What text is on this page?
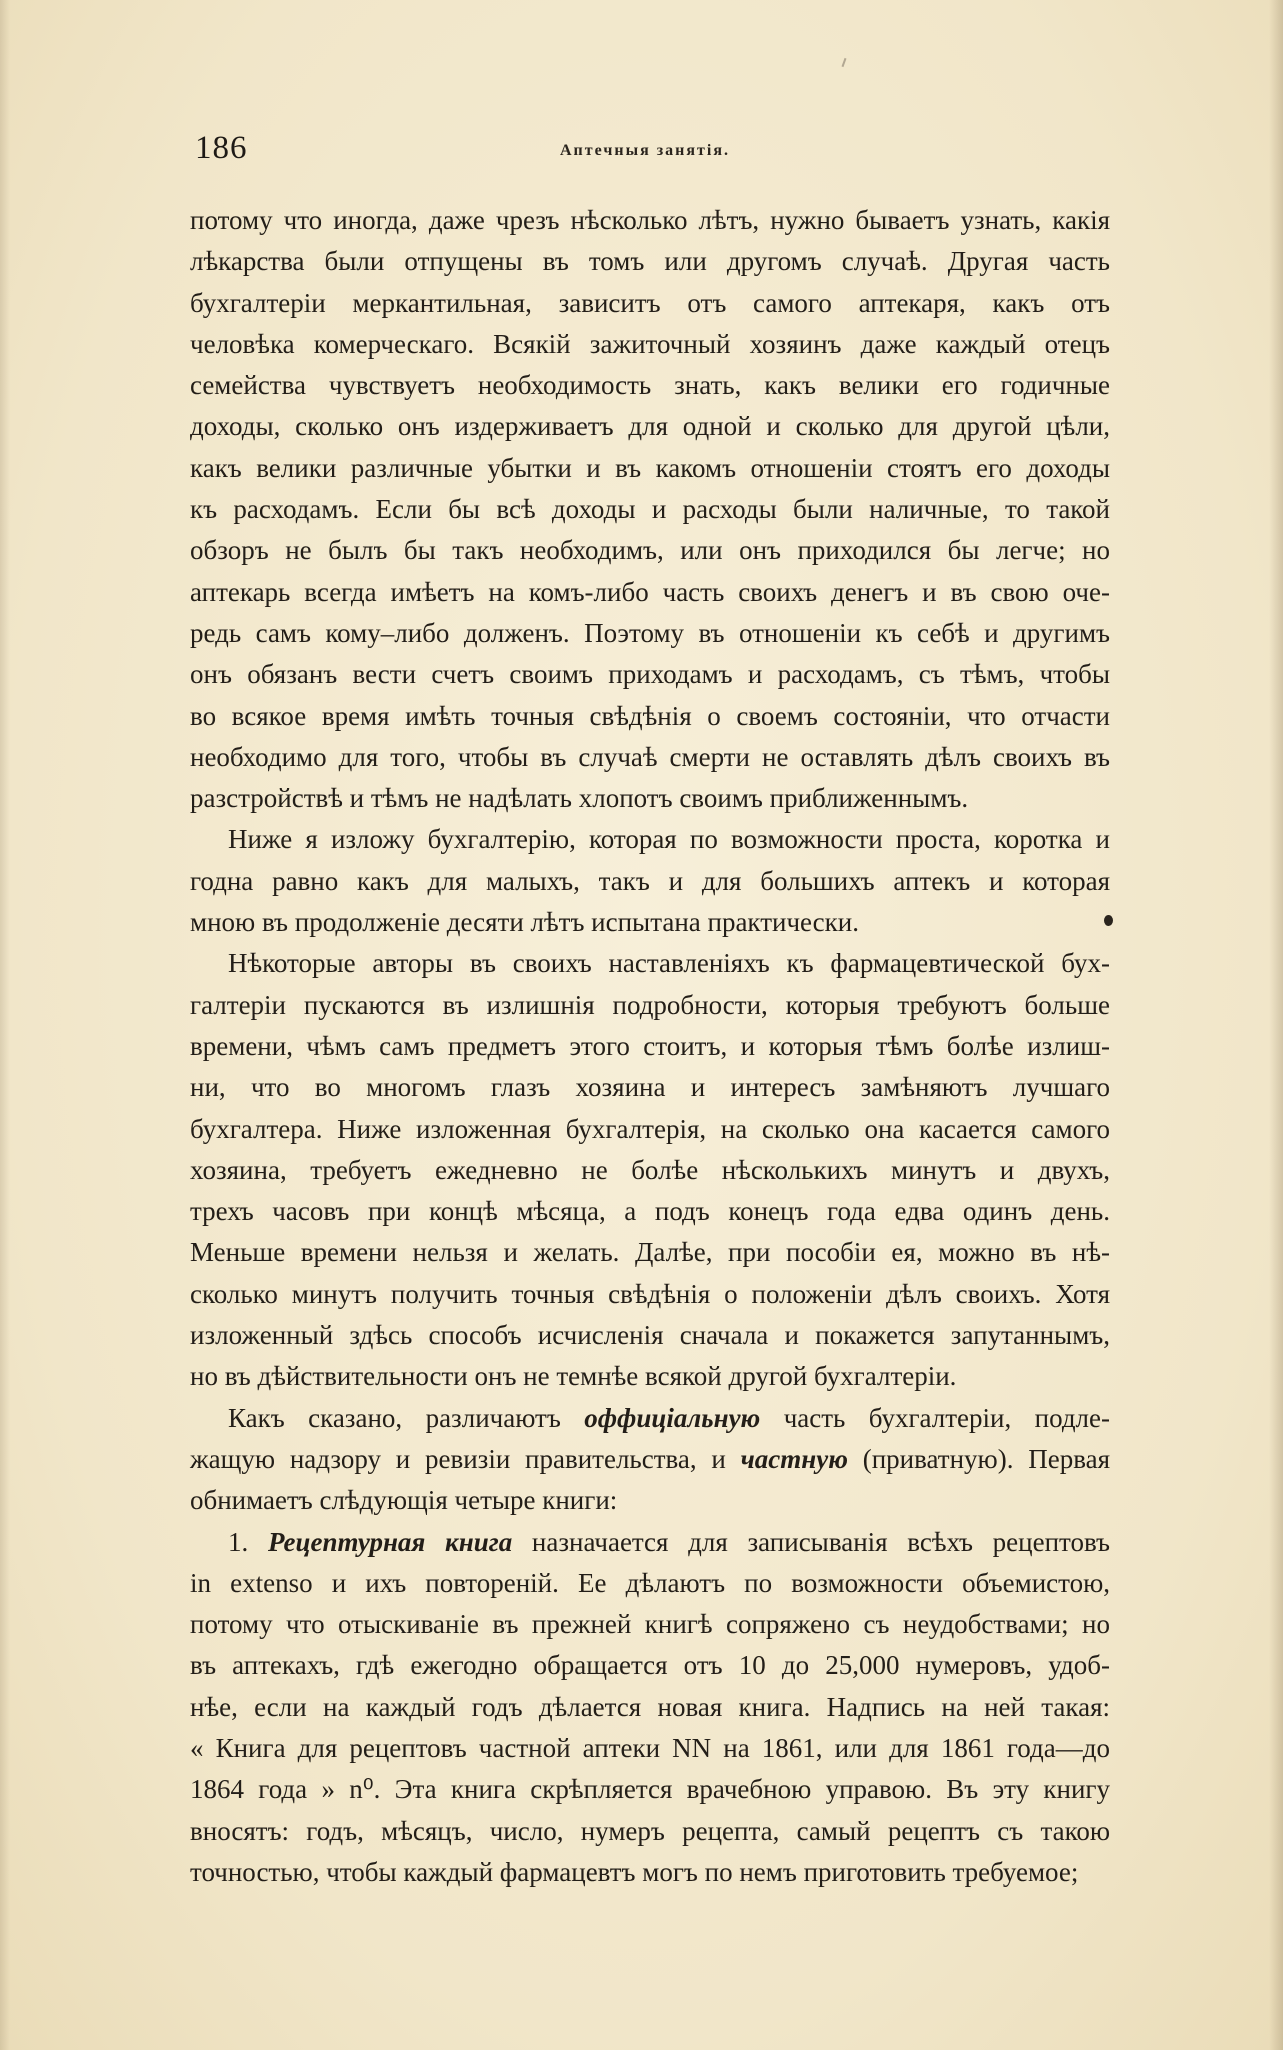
186	Аптечныя занятія.
потому что иногда, даже чрезъ нѣсколько лѣтъ, нужно бываетъ узнать, какія
лѣкарства были отпущены въ томъ или другомъ случаѣ. Другая часть
бухгалтеріи меркантильная, зависитъ отъ самого аптекаря, какъ отъ
человѣка комерческаго. Всякій зажиточный хозяинъ даже каждый отецъ
семейства чувствуетъ необходимость знать, какъ велики его годичные
доходы, сколько онъ издерживаетъ для одной и сколько для другой цѣли,
какъ велики различные убытки и въ какомъ отношеніи стоятъ его доходы
къ расходамъ. Если бы всѣ доходы и расходы были наличные, то такой
обзоръ не былъ бы такъ необходимъ, или онъ приходился бы легче; но
аптекарь всегда имѣетъ на комъ-либо часть своихъ денегъ и въ свою оче-
редь самъ кому–либо долженъ. Поэтому въ отношеніи къ себѣ и другимъ
онъ обязанъ вести счетъ своимъ приходамъ и расходамъ, съ тѣмъ, чтобы
во всякое время имѣть точныя свѣдѣнія о своемъ состояніи, что отчасти
необходимо для того, чтобы въ случаѣ смерти не оставлять дѣлъ своихъ въ
разстройствѣ и тѣмъ не надѣлать хлопотъ своимъ приближеннымъ.
Ниже я изложу бухгалтерію, которая по возможности проста, коротка и
годна равно какъ для малыхъ, такъ и для большихъ аптекъ и которая
мною въ продолженіе десяти лѣтъ испытана практически.
Нѣкоторые авторы въ своихъ наставленіяхъ къ фармацевтической бух-
галтеріи пускаются въ излишнія подробности, которыя требуютъ больше
времени, чѣмъ самъ предметъ этого стоитъ, и которыя тѣмъ болѣе излиш-
ни, что во многомъ глазъ хозяина и интересъ замѣняютъ лучшаго
бухгалтера. Ниже изложенная бухгалтерія, на сколько она касается самого
хозяина, требуетъ ежедневно не болѣе нѣсколькихъ минутъ и двухъ,
трехъ часовъ при концѣ мѣсяца, а подъ конецъ года едва одинъ день.
Меньше времени нельзя и желать. Далѣе, при пособіи ея, можно въ нѣ-
сколько минутъ получить точныя свѣдѣнія о положеніи дѣлъ своихъ. Хотя
изложенный здѣсь способъ исчисленія сначала и покажется запутаннымъ,
но въ дѣйствительности онъ не темнѣе всякой другой бухгалтеріи.
Какъ сказано, различаютъ оффиціальную часть бухгалтеріи, подле-
жащую надзору и ревизіи правительства, и частную (приватную). Первая
обнимаетъ слѣдующія четыре книги:
1. Рецептурная книга назначается для записыванія всѣхъ рецептовъ
in extenso и ихъ повтореній. Ее дѣлаютъ по возможности объемистою,
потому что отыскиваніе въ прежней книгѣ сопряжено съ неудобствами; но
въ аптекахъ, гдѣ ежегодно обращается отъ 10 до 25,000 нумеровъ, удоб-
нѣе, если на каждый годъ дѣлается новая книга. Надпись на ней такая:
« Книга для рецептовъ частной аптеки NN на 1861, или для 1861 года—до
1864 года » n⁰. Эта книга скрѣпляется врачебною управою. Въ эту книгу
вносятъ: годъ, мѣсяцъ, число, нумеръ рецепта, самый рецептъ съ такою
точностью, чтобы каждый фармацевтъ могъ по немъ приготовить требуемое;
